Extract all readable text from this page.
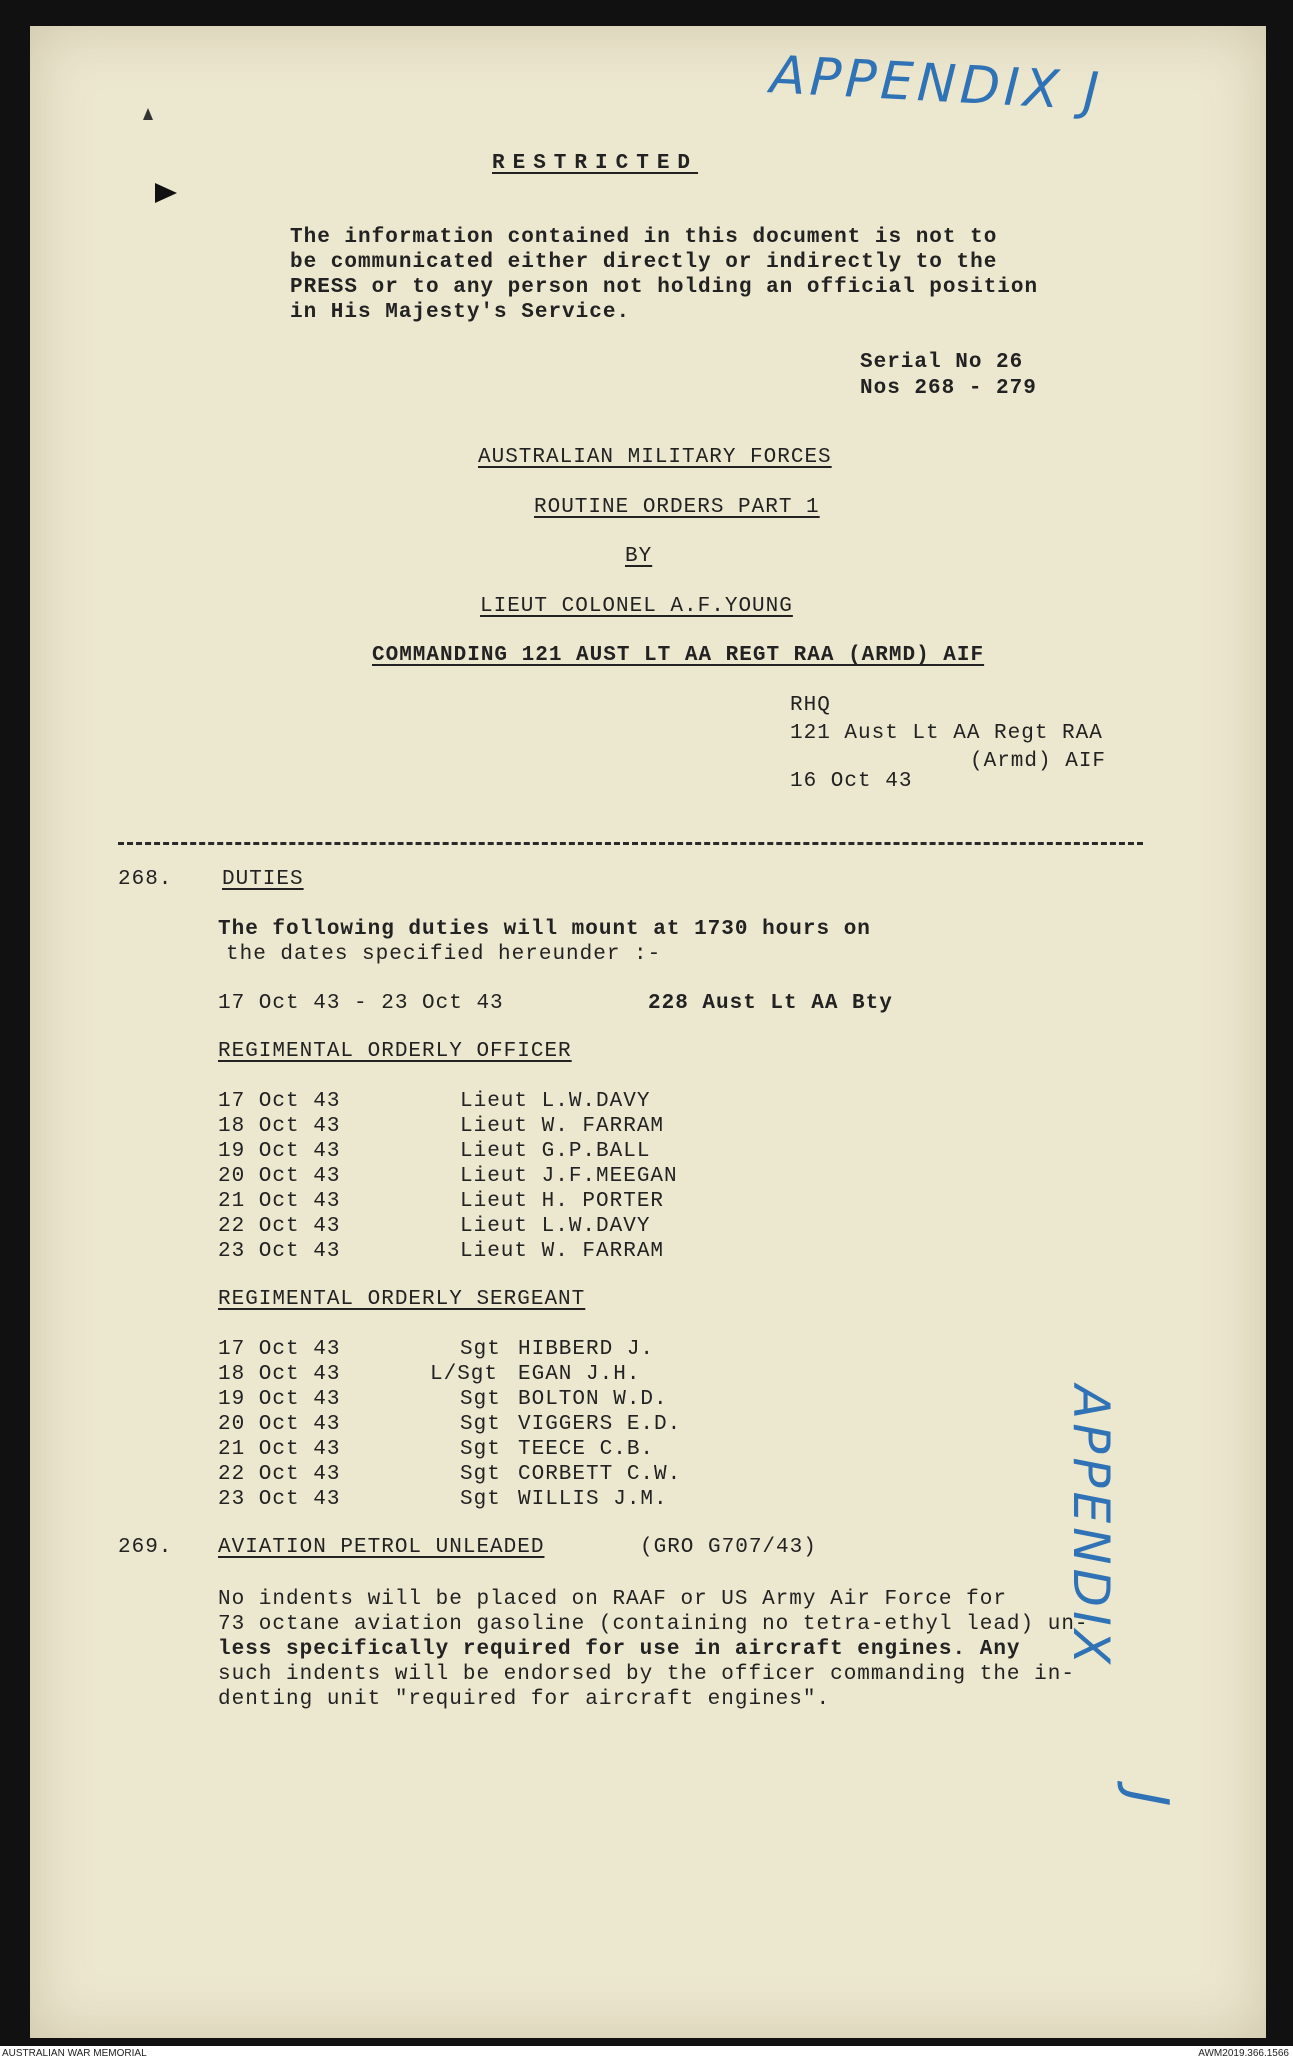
APPENDIX J
APPENDIX
J
RESTRICTED
The information contained in this document is not to
be communicated either directly or indirectly to the
PRESS or to any person not holding an official position
in His Majesty's Service.
Serial No 26
Nos 268 - 279
AUSTRALIAN MILITARY FORCES
ROUTINE ORDERS PART 1
BY
LIEUT COLONEL A.F.YOUNG
COMMANDING 121 AUST LT AA REGT RAA (ARMD) AIF
RHQ
121 Aust Lt AA Regt RAA
(Armd) AIF
16 Oct 43
268. DUTIES
The following duties will mount at 1730 hours on
the dates specified hereunder :-
17 Oct 43 - 23 Oct 43	228 Aust Lt AA Bty
REGIMENTAL ORDERLY OFFICER
17 Oct 43	Lieut L.W.DAVY
18 Oct 43	Lieut W. FARRAM
19 Oct 43	Lieut G.P.BALL
20 Oct 43	Lieut J.F.MEEGAN
21 Oct 43	Lieut H. PORTER
22 Oct 43	Lieut L.W.DAVY
23 Oct 43	Lieut W. FARRAM
REGIMENTAL ORDERLY SERGEANT
17 Oct 43	Sgt HIBBERD J.
18 Oct 43	L/Sgt EGAN J.H.
19 Oct 43	Sgt BOLTON W.D.
20 Oct 43	Sgt VIGGERS E.D.
21 Oct 43	Sgt TEECE C.B.
22 Oct 43	Sgt CORBETT C.W.
23 Oct 43	Sgt WILLIS J.M.
269. AVIATION PETROL UNLEADED	(GRO G707/43)
No indents will be placed on RAAF or US Army Air Force for
73 octane aviation gasoline (containing no tetra-ethyl lead) un-
less specifically required for use in aircraft engines. Any
such indents will be endorsed by the officer commanding the in-
denting unit "required for aircraft engines".
AUSTRALIAN WAR MEMORIAL	AWM2019.366.1566
